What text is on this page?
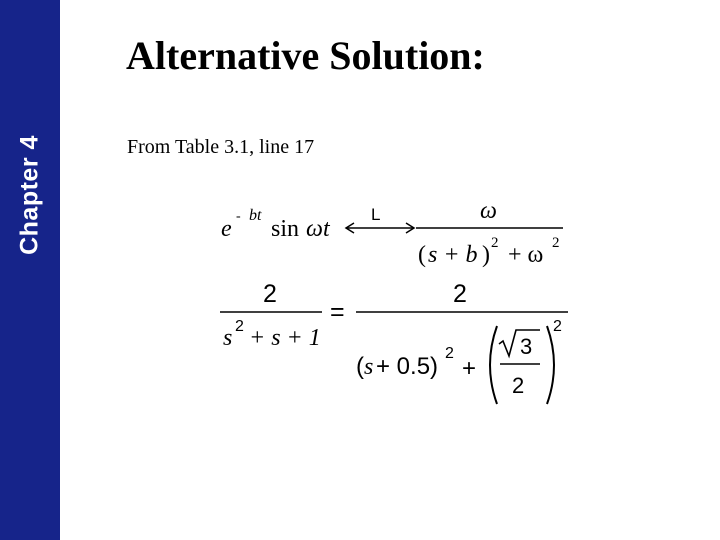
Chapter 4
Alternative Solution:
From Table 3.1, line 17
e - bt
sin ωt
L	ω
( s + b ) 2 + ω 2
2
s 2 + s + 1
=
2
( s + 0.5) 2
+
3
2
2
